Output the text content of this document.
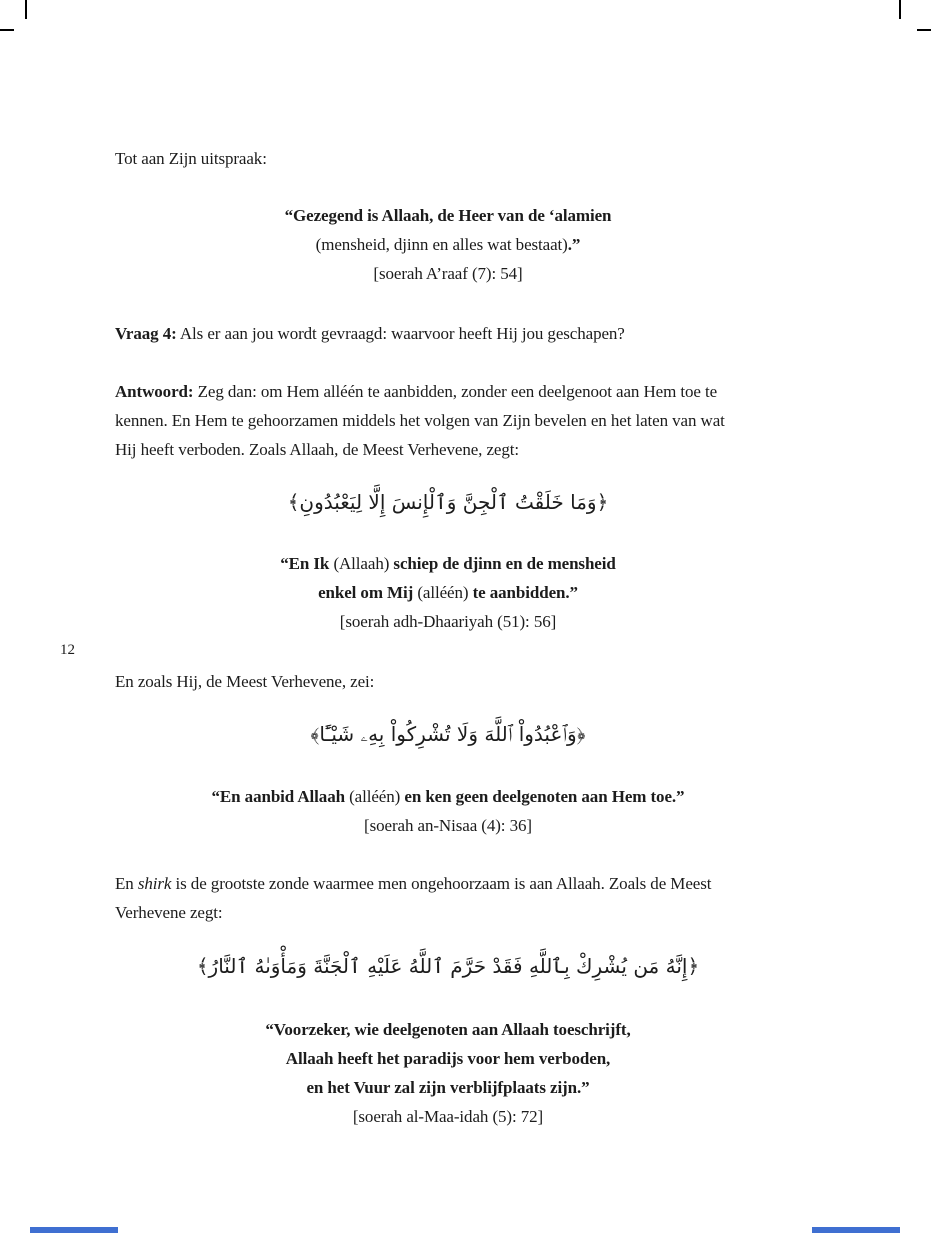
Tot aan Zijn uitspraak:
“Gezegend is Allaah, de Heer van de ‘alamien
(mensheid, djinn en alles wat bestaat).”
[soerah A’raaf (7): 54]
Vraag 4: Als er aan jou wordt gevraagd: waarvoor heeft Hij jou geschapen?
Antwoord: Zeg dan: om Hem alléén te aanbidden, zonder een deelgenoot aan Hem toe te
kennen. En Hem te gehoorzamen middels het volgen van Zijn bevelen en het laten van wat
Hij heeft verboden. Zoals Allaah, de Meest Verhevene, zegt:
﴿وَمَا خَلَقْتُ ٱلْجِنَّ وَٱلْإِنسَ إِلَّا لِيَعْبُدُونِ﴾
“En Ik (Allaah) schiep de djinn en de mensheid
enkel om Mij (alléén) te aanbidden.”
[soerah adh-Dhaariyah (51): 56]
12
En zoals Hij, de Meest Verhevene, zei:
﴿وَٱعْبُدُواْ ٱللَّهَ وَلَا تُشْرِكُواْ بِهِۦ شَيْـًٔا﴾
“En aanbid Allaah (alléén) en ken geen deelgenoten aan Hem toe.”
[soerah an-Nisaa (4): 36]
En shirk is de grootste zonde waarmee men ongehoorzaam is aan Allaah. Zoals de Meest
Verhevene zegt:
﴿إِنَّهُ مَن يُشْرِكْ بِٱللَّهِ فَقَدْ حَرَّمَ ٱللَّهُ عَلَيْهِ ٱلْجَنَّةَ وَمَأْوَىٰهُ ٱلنَّارُ﴾
“Voorzeker, wie deelgenoten aan Allaah toeschrijft,
Allaah heeft het paradijs voor hem verboden,
en het Vuur zal zijn verblijfplaats zijn.”
[soerah al-Maa-idah (5): 72]
